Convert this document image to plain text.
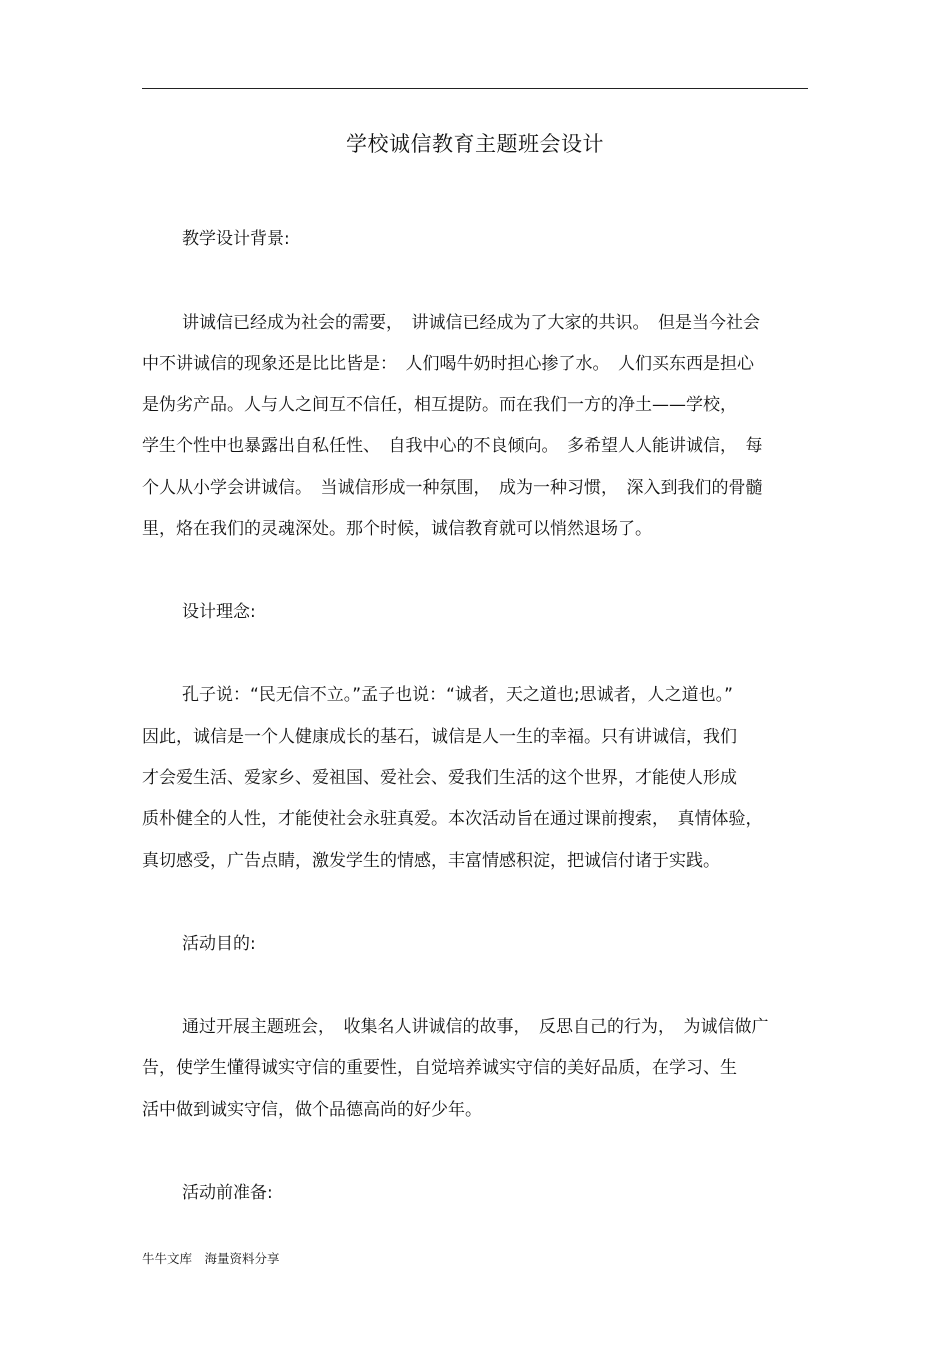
学校诚信教育主题班会设计
教学设计背景:
讲诚信已经成为社会的需要，　讲诚信已经成为了大家的共识。　但是当今社会
中不讲诚信的现象还是比比皆是：　人们喝牛奶时担心掺了水。　人们买东西是担心
是伪劣产品。人与人之间互不信任，相互提防。而在我们一方的净土——学校，
学生个性中也暴露出自私任性、　自我中心的不良倾向。　多希望人人能讲诚信，　每
个人从小学会讲诚信。　当诚信形成一种氛围，　成为一种习惯，　深入到我们的骨髓
里，烙在我们的灵魂深处。那个时候，诚信教育就可以悄然退场了。
设计理念:
孔子说：“民无信不立。”孟子也说：“诚者，天之道也;思诚者，人之道也。”
因此，诚信是一个人健康成长的基石，诚信是人一生的幸福。只有讲诚信，我们
才会爱生活、爱家乡、爱祖国、爱社会、爱我们生活的这个世界，才能使人形成
质朴健全的人性，才能使社会永驻真爱。本次活动旨在通过课前搜索，　真情体验，
真切感受，广告点睛，激发学生的情感，丰富情感积淀，把诚信付诸于实践。
活动目的:
通过开展主题班会，　收集名人讲诚信的故事，　反思自己的行为，　为诚信做广
告，使学生懂得诚实守信的重要性，自觉培养诚实守信的美好品质，在学习、生
活中做到诚实守信，做个品德高尚的好少年。
活动前准备:
牛牛文库　海量资料分享
